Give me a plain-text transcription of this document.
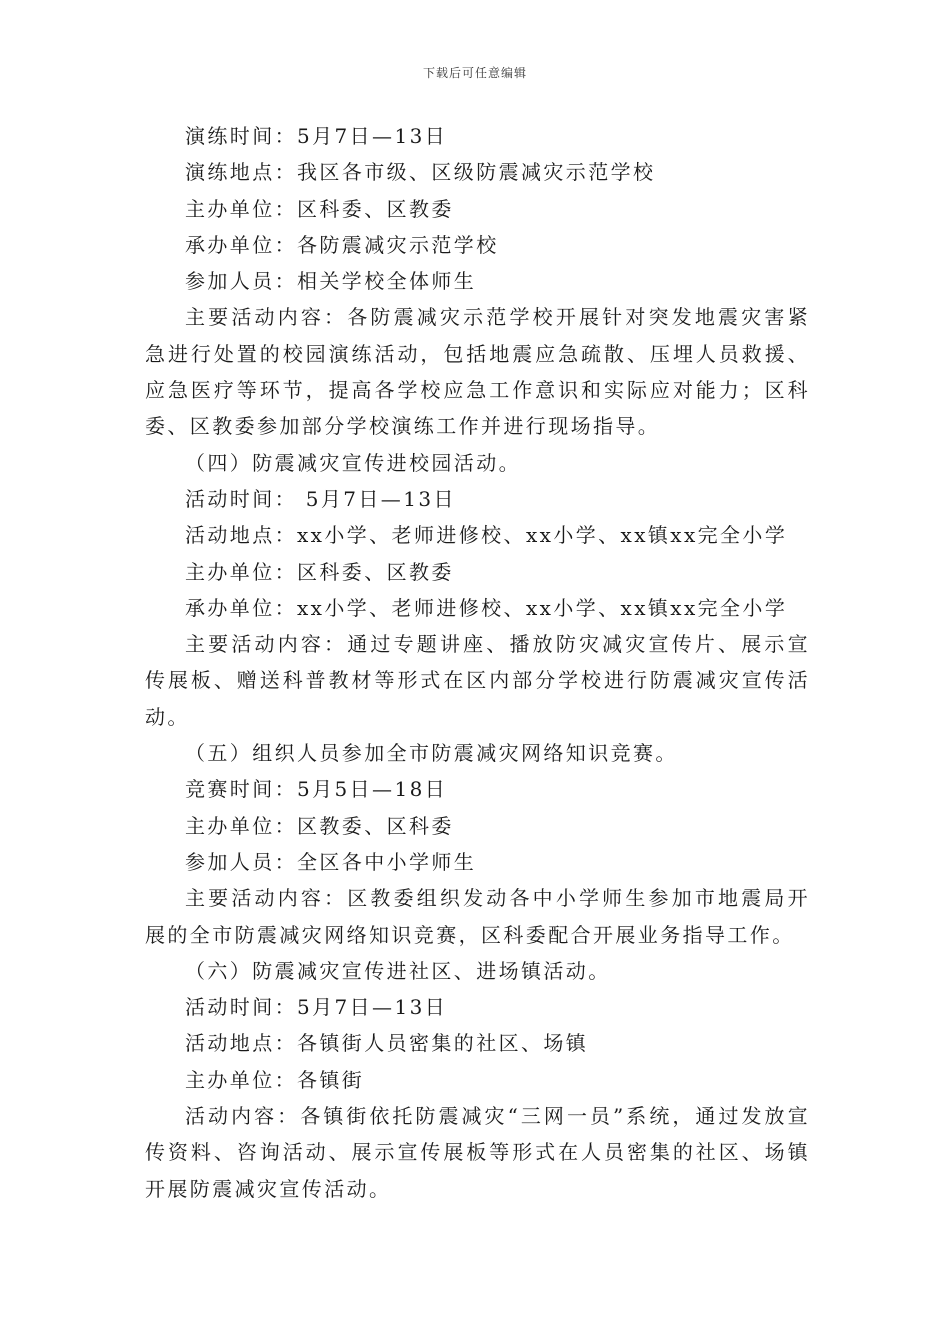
下载后可任意编辑

演练时间：5月7日—13日

演练地点：我区各市级、区级防震减灾示范学校

主办单位：区科委、区教委

承办单位：各防震减灾示范学校

参加人员：相关学校全体师生

主要活动内容：各防震减灾示范学校开展针对突发地震灾害紧急进行处置的校园演练活动，包括地震应急疏散、压埋人员救援、应急医疗等环节，提高各学校应急工作意识和实际应对能力；区科委、区教委参加部分学校演练工作并进行现场指导。

（四）防震减灾宣传进校园活动。

活动时间： 5月7日—13日

活动地点：xx小学、老师进修校、xx小学、xx镇xx完全小学

主办单位：区科委、区教委

承办单位：xx小学、老师进修校、xx小学、xx镇xx完全小学

主要活动内容：通过专题讲座、播放防灾减灾宣传片、展示宣传展板、赠送科普教材等形式在区内部分学校进行防震减灾宣传活动。

（五）组织人员参加全市防震减灾网络知识竞赛。

竞赛时间：5月5日—18日

主办单位：区教委、区科委

参加人员：全区各中小学师生

主要活动内容：区教委组织发动各中小学师生参加市地震局开展的全市防震减灾网络知识竞赛，区科委配合开展业务指导工作。

（六）防震减灾宣传进社区、进场镇活动。

活动时间：5月7日—13日

活动地点：各镇街人员密集的社区、场镇

主办单位：各镇街

活动内容：各镇街依托防震减灾“三网一员”系统，通过发放宣传资料、咨询活动、展示宣传展板等形式在人员密集的社区、场镇开展防震减灾宣传活动。
